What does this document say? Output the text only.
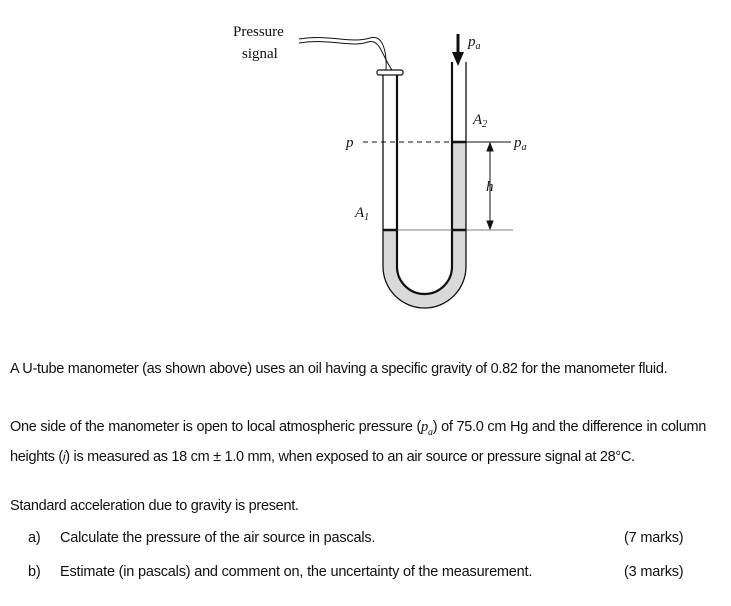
Pressure
signal
$p_a$
$p_a$
p
$A_1$
$A_2$
h
A U-tube manometer (as shown above) uses an oil having a specific gravity of 0.82 for the manometer fluid.
One side of the manometer is open to local atmospheric pressure $(p_a)$ of 75.0 cm Hg and the difference in column heights (i) is measured as 18 cm ± 1.0 mm, when exposed to an air source or pressure signal at 28°C.
Standard acceleration due to gravity is present.
a) Calculate the pressure of the air source in pascals.	(7 marks)
b) Estimate (in pascals) and comment on, the uncertainty of the measurement.	(3 marks)
